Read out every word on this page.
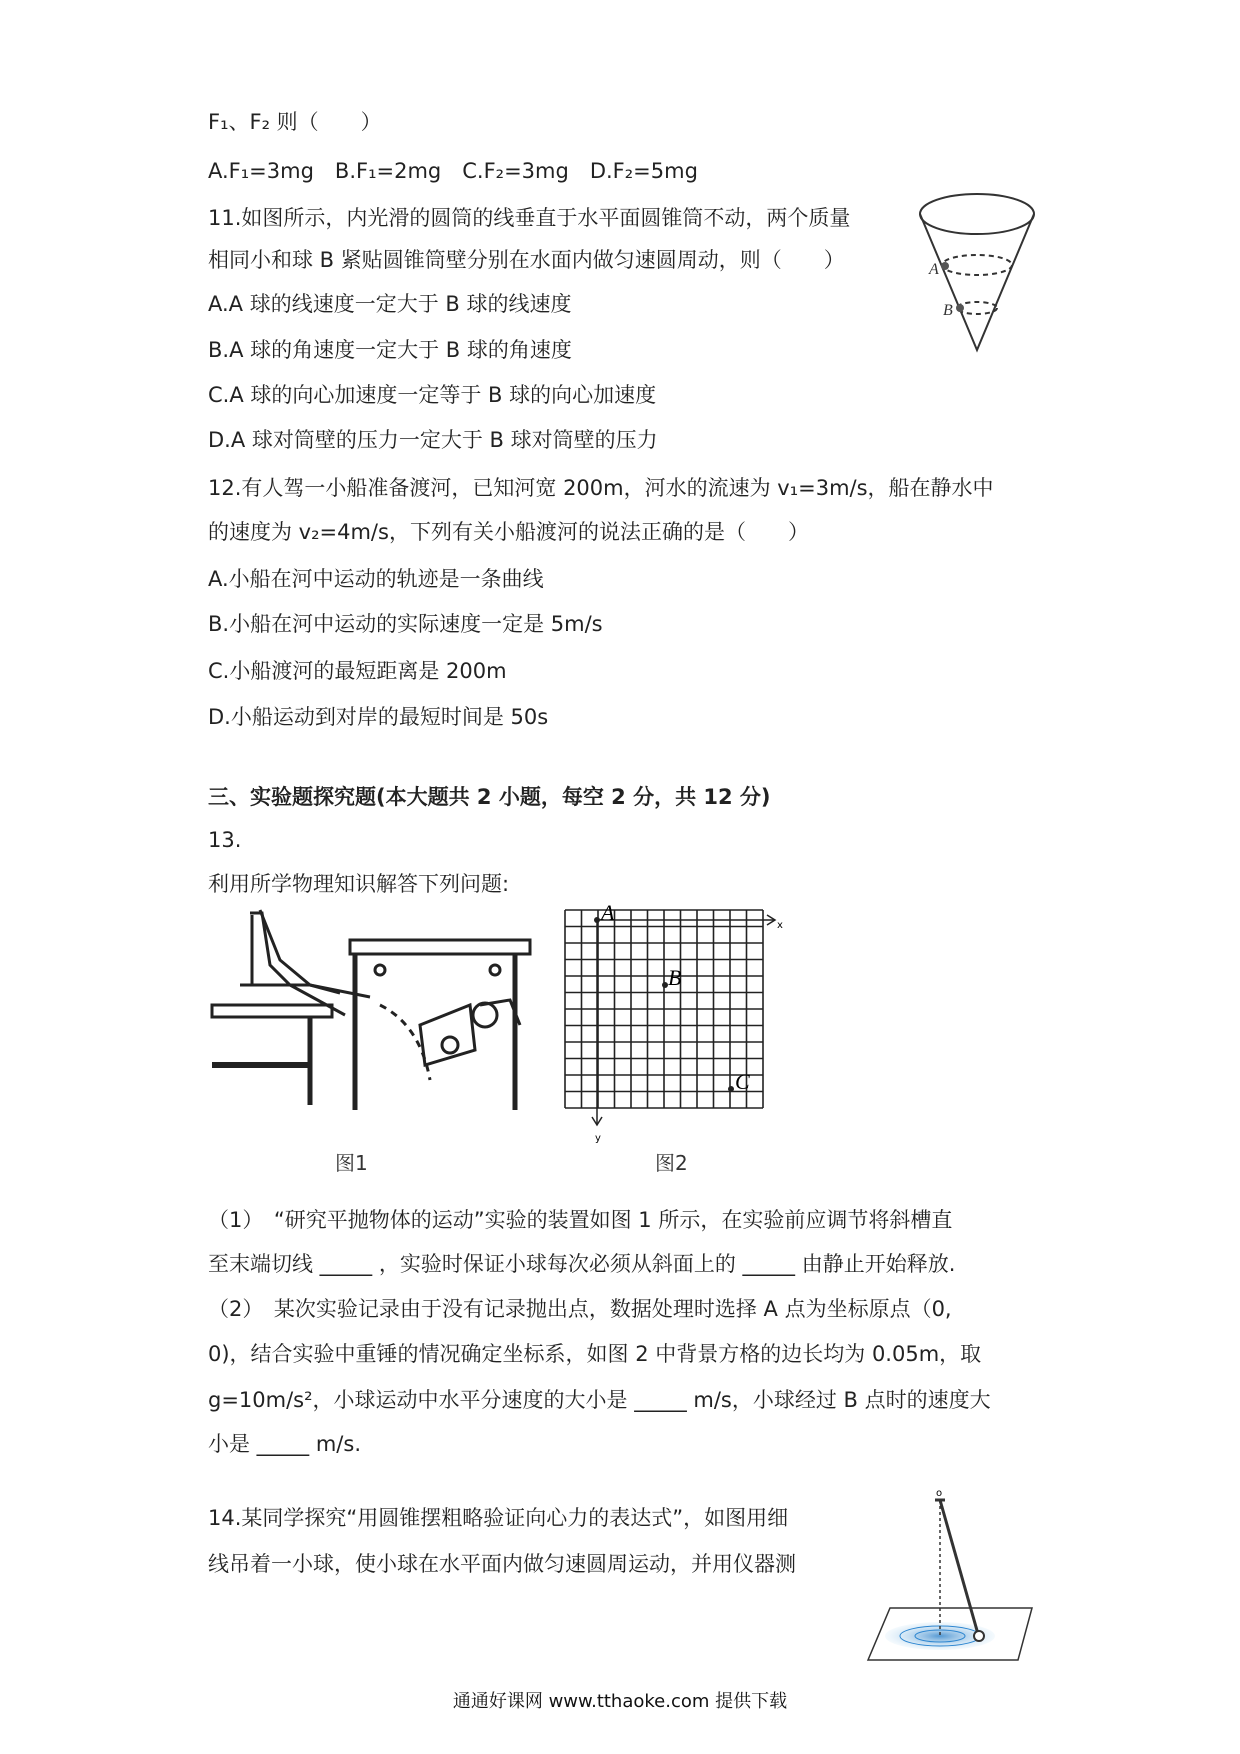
F₁、F₂ 则（　　）
A.F₁=3mg　B.F₁=2mg　C.F₂=3mg　D.F₂=5mg
11.如图所示，内光滑的圆筒的线垂直于水平面圆锥筒不动，两个质量
相同小和球 B 紧贴圆锥筒壁分别在水面内做匀速圆周动，则（　　）
A.A 球的线速度一定大于 B 球的线速度
B.A 球的角速度一定大于 B 球的角速度
C.A 球的向心加速度一定等于 B 球的向心加速度
D.A 球对筒壁的压力一定大于 B 球对筒壁的压力
12.有人驾一小船准备渡河，已知河宽 200m，河水的流速为 v₁=3m/s，船在静水中
的速度为 v₂=4m/s，下列有关小船渡河的说法正确的是（　　）
A.小船在河中运动的轨迹是一条曲线
B.小船在河中运动的实际速度一定是 5m/s
C.小船渡河的最短距离是 200m
D.小船运动到对岸的最短时间是 50s
三、实验题探究题(本大题共 2 小题，每空 2 分，共 12 分)
13.
利用所学物理知识解答下列问题:
图1
A
B
C
x
y
图2
（1）　“研究平抛物体的运动”实验的装置如图 1 所示，在实验前应调节将斜槽直
至末端切线 _____ ，实验时保证小球每次必须从斜面上的 _____ 由静止开始释放.
（2）　某次实验记录由于没有记录抛出点，数据处理时选择 A 点为坐标原点（0,
0)，结合实验中重锤的情况确定坐标系，如图 2 中背景方格的边长均为 0.05m，取
g=10m/s²，小球运动中水平分速度的大小是 _____ m/s，小球经过 B 点时的速度大
小是 _____ m/s.
14.某同学探究“用圆锥摆粗略验证向心力的表达式”，如图用细
线吊着一小球，使小球在水平面内做匀速圆周运动，并用仪器测
A
B
o
通通好课网 www.tthaoke.com 提供下载
